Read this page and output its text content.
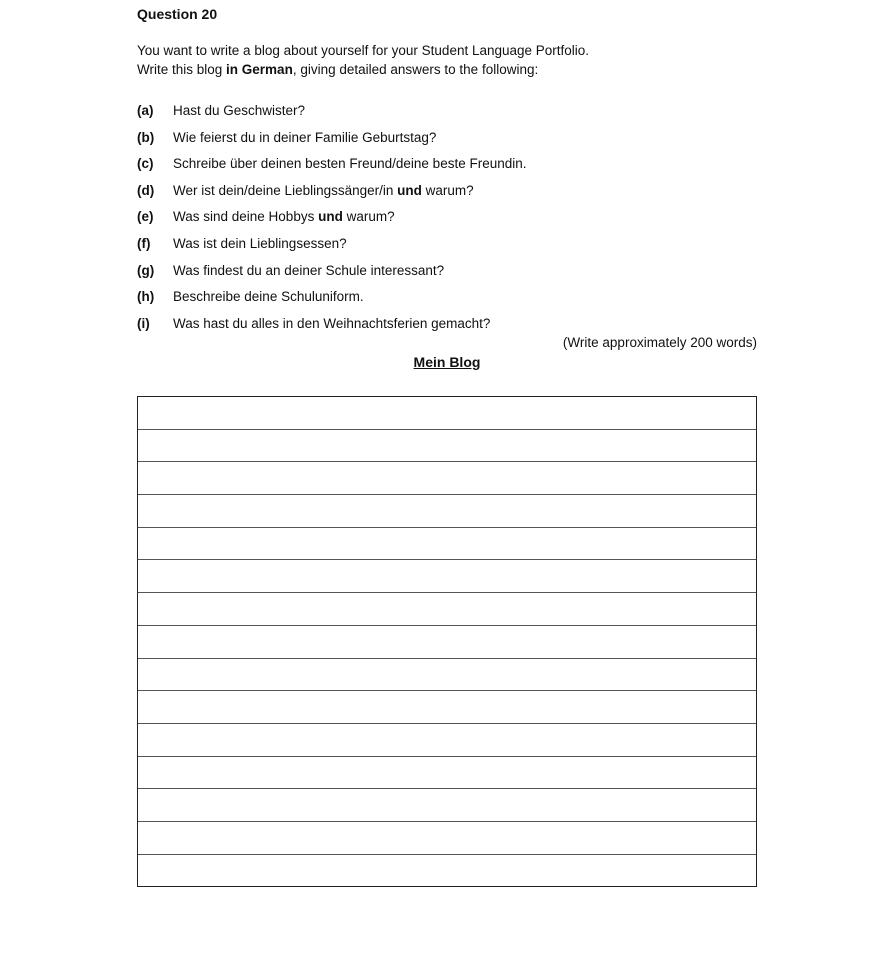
Question 20
You want to write a blog about yourself for your Student Language Portfolio.
Write this blog in German, giving detailed answers to the following:
(a)	Hast du Geschwister?
(b)	Wie feierst du in deiner Familie Geburtstag?
(c)	Schreibe über deinen besten Freund/deine beste Freundin.
(d)	Wer ist dein/deine Lieblingssänger/in und warum?
(e)	Was sind deine Hobbys und warum?
(f)	Was ist dein Lieblingsessen?
(g)	Was findest du an deiner Schule interessant?
(h)	Beschreibe deine Schuluniform.
(i)	Was hast du alles in den Weihnachtsferien gemacht?
(Write approximately 200 words)
Mein Blog
